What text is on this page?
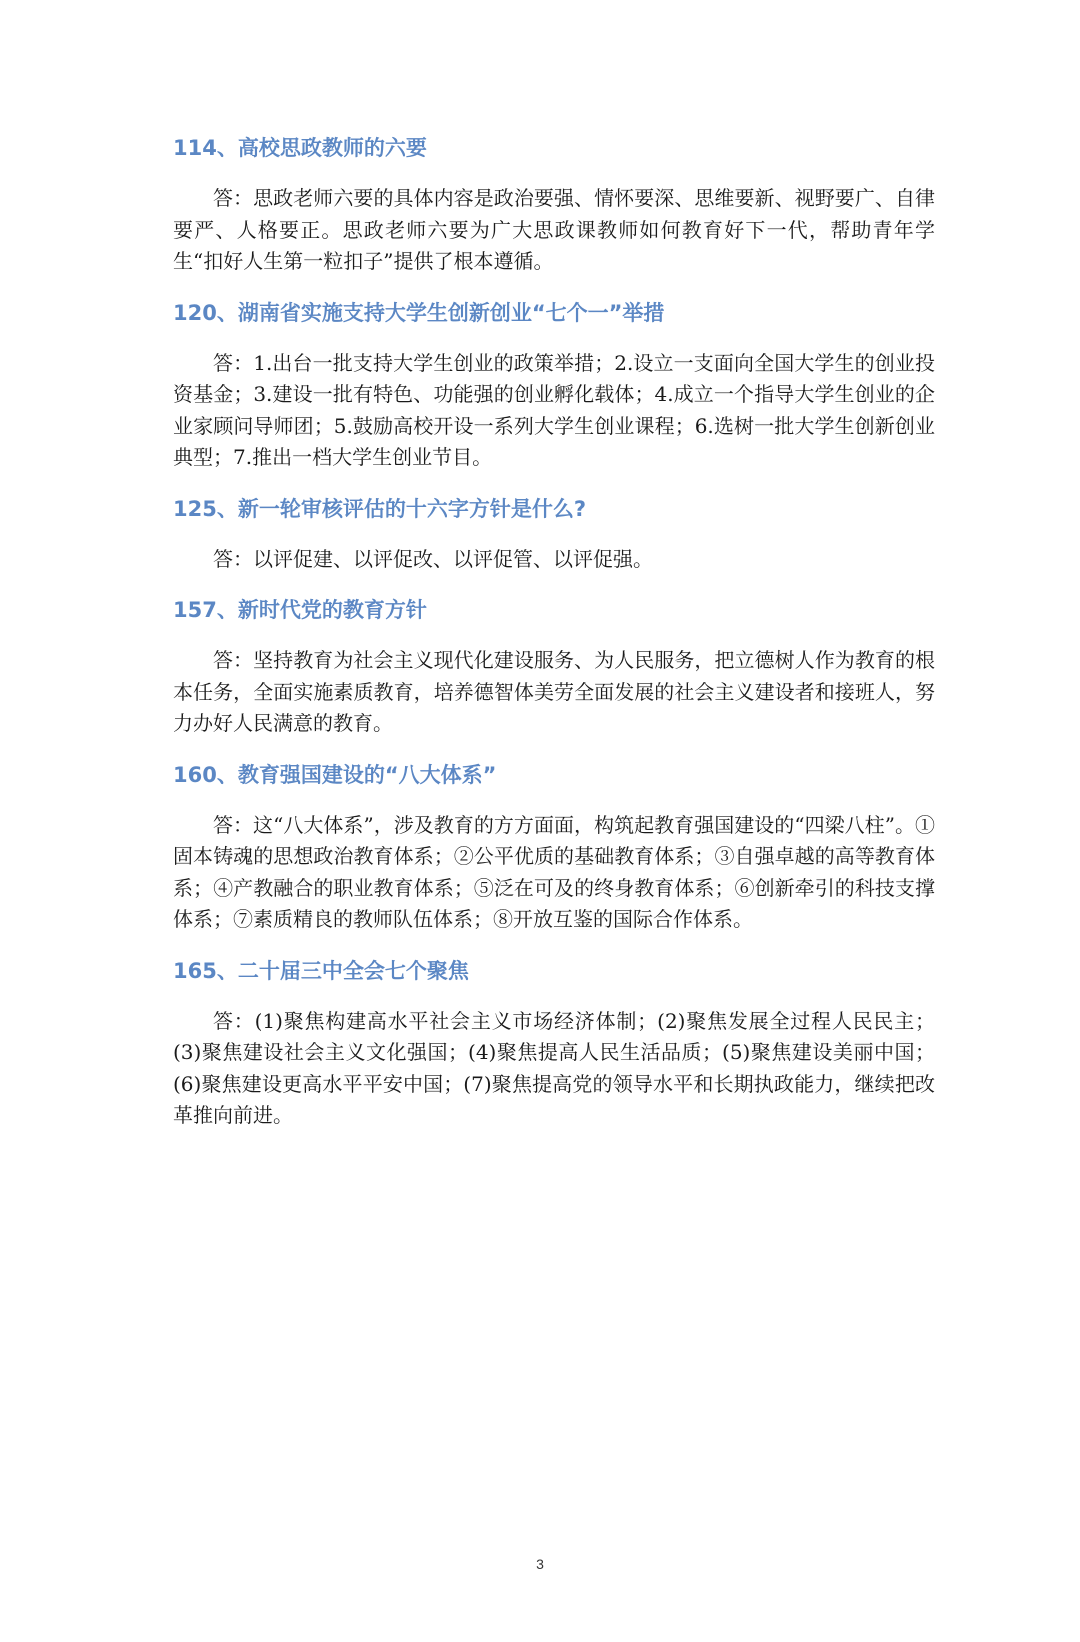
114、高校思政教师的六要

答：思政老师六要的具体内容是政治要强、情怀要深、思维要新、视野要广、自律要严、人格要正。思政老师六要为广大思政课教师如何教育好下一代，帮助青年学生“扣好人生第一粒扣子”提供了根本遵循。

120、湖南省实施支持大学生创新创业“七个一”举措

答：1.出台一批支持大学生创业的政策举措；2.设立一支面向全国大学生的创业投资基金；3.建设一批有特色、功能强的创业孵化载体；4.成立一个指导大学生创业的企业家顾问导师团；5.鼓励高校开设一系列大学生创业课程；6.选树一批大学生创新创业典型；7.推出一档大学生创业节目。

125、新一轮审核评估的十六字方针是什么?

答：以评促建、以评促改、以评促管、以评促强。

157、新时代党的教育方针

答：坚持教育为社会主义现代化建设服务、为人民服务，把立德树人作为教育的根本任务，全面实施素质教育，培养德智体美劳全面发展的社会主义建设者和接班人，努力办好人民满意的教育。

160、教育强国建设的“八大体系”

答：这“八大体系”，涉及教育的方方面面，构筑起教育强国建设的“四梁八柱”。①固本铸魂的思想政治教育体系；②公平优质的基础教育体系；③自强卓越的高等教育体系；④产教融合的职业教育体系；⑤泛在可及的终身教育体系；⑥创新牵引的科技支撑体系；⑦素质精良的教师队伍体系；⑧开放互鉴的国际合作体系。

165、二十届三中全会七个聚焦

答：(1)聚焦构建高水平社会主义市场经济体制；(2)聚焦发展全过程人民民主；(3)聚焦建设社会主义文化强国；(4)聚焦提高人民生活品质；(5)聚焦建设美丽中国；(6)聚焦建设更高水平平安中国；(7)聚焦提高党的领导水平和长期执政能力，继续把改革推向前进。

3
